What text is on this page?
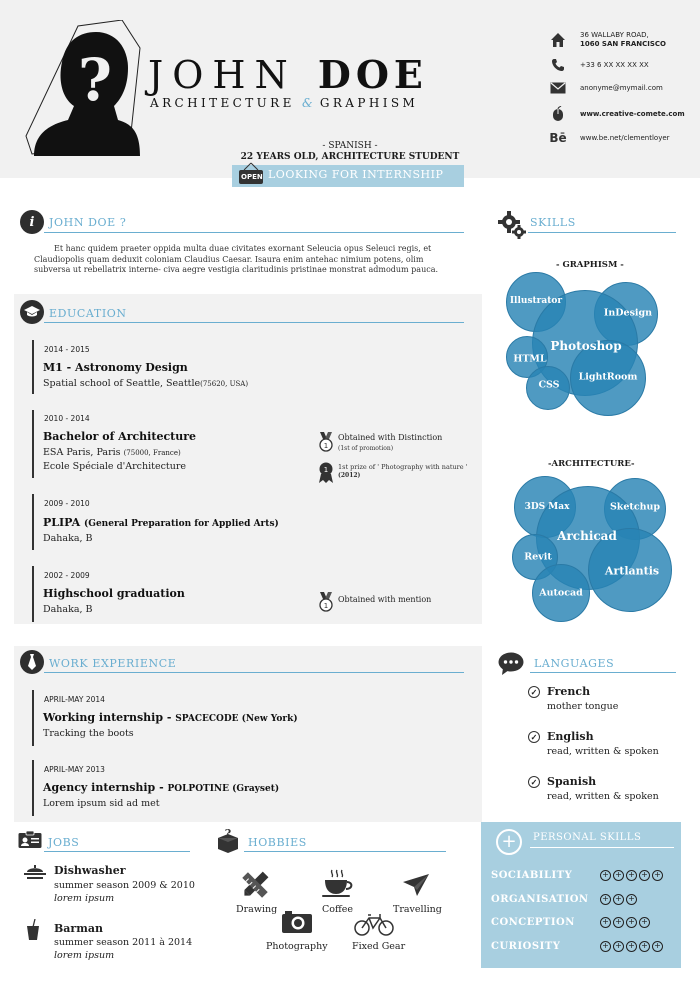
? JOHN DOE
ARCHITECTURE & GRAPHISM
36 WALLABY ROAD,
1060 SAN FRANCISCO
+33 6 XX XX XX XX
anonyme@mymail.com
www.creative-comete.com
Bē www.be.net/clementloyer
- SPANISH -
22 YEARS OLD, ARCHITECTURE STUDENT
OPEN LOOKING FOR INTERNSHIP
i	JOHN DOE ?
Et hanc quidem praeter oppida multa duae civitates exornant Seleucia opus Seleuci regis, et Claudiopolis quam deduxit coloniam Claudius Caesar. Isaura enim antehac nimium potens, olim subversa ut rebellatrix interne- civa aegre vestigia claritudinis pristinae monstrat admodum pauca.
EDUCATION
2014 - 2015
M1 - Astronomy Design
Spatial school of Seattle, Seattle(75620, USA)
2010 - 2014
Bachelor of Architecture
ESA Paris, Paris (75000, France)
Ecole Spéciale d'Architecture
2009 - 2010
PLIPA (General Preparation for Applied Arts)
Dahaka, B
2002 - 2009
Highschool graduation
Dahaka, B
1
Obtained with Distinction
(1st of promotion)
1 1st prize of ' Photography with nature '
(2012)
1
Obtained with mention
WORK EXPERIENCE
APRIL-MAY 2014
Working internship - SPACECODE (New York)
Tracking the boots
APRIL-MAY 2013
Agency internship - POLPOTINE (Grayset)
Lorem ipsum sid ad met
SKILLS
- GRAPHISM -
Illustrator
InDesign
Photoshop
HTML
LightRoom
CSS
-ARCHITECTURE-
3DS Max	Sketchup
Archicad
Revit
Artlantis
Autocad
LANGUAGES
✓ French
mother tongue
✓ English
read, written & spoken
✓ Spanish
read, written & spoken
JOBS
Dishwasher
summer season 2009 & 2010
lorem ipsum
Barman
summer season 2011 à 2014
lorem ipsum
?
HOBBIES
Drawing	Coffee	Travelling
Photography	Fixed Gear
+	PERSONAL SKILLS
SOCIABILITY	+ + + + +
ORGANISATION + + +
CONCEPTION	+ + + +
CURIOSITY	+ + + + +
